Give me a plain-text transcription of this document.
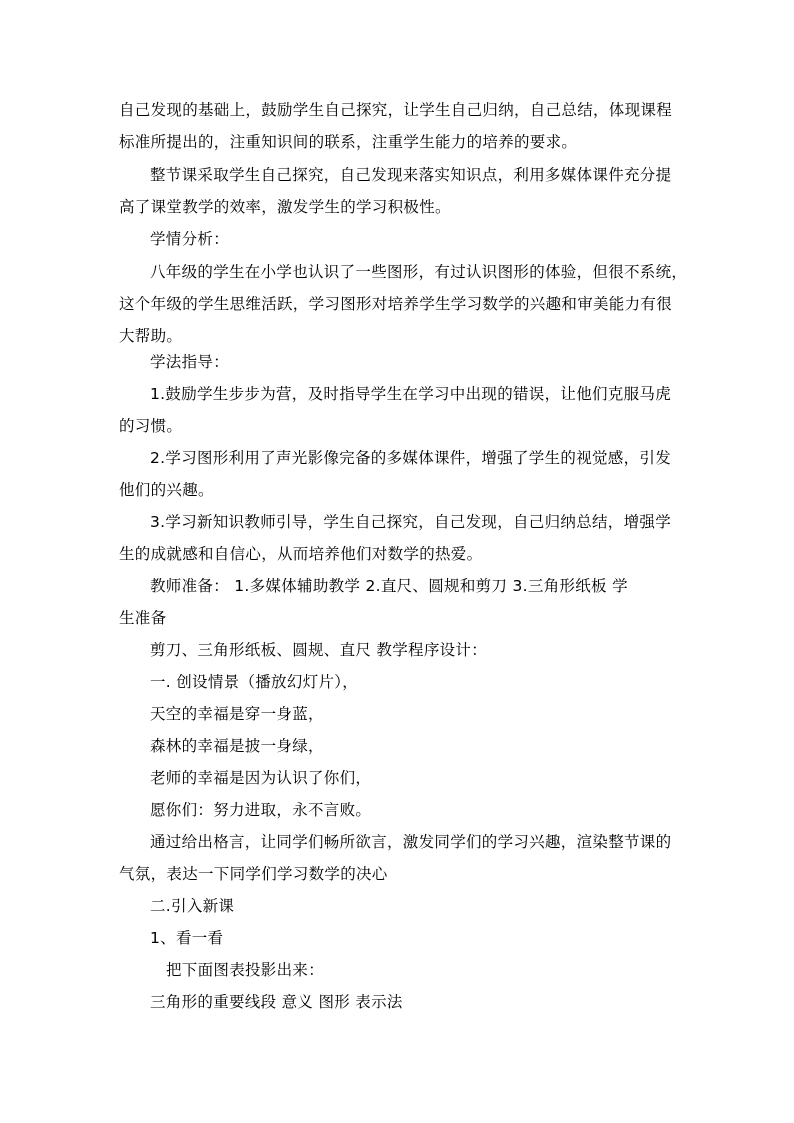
自己发现的基础上，鼓励学生自己探究，让学生自己归纳，自己总结，体现课程
标准所提出的，注重知识间的联系，注重学生能力的培养的要求。
整节课采取学生自己探究，自己发现来落实知识点，利用多媒体课件充分提
高了课堂教学的效率，激发学生的学习积极性。
学情分析：
八年级的学生在小学也认识了一些图形，有过认识图形的体验，但很不系统，
这个年级的学生思维活跃，学习图形对培养学生学习数学的兴趣和审美能力有很
大帮助。
学法指导：
1.鼓励学生步步为营，及时指导学生在学习中出现的错误，让他们克服马虎
的习惯。
2.学习图形利用了声光影像完备的多媒体课件，增强了学生的视觉感，引发
他们的兴趣。
3.学习新知识教师引导，学生自己探究，自己发现，自己归纳总结，增强学
生的成就感和自信心，从而培养他们对数学的热爱。
教师准备： 1.多媒体辅助教学 2.直尺、圆规和剪刀 3.三角形纸板 学
生准备
剪刀、三角形纸板、圆规、直尺 教学程序设计：
一. 创设情景（播放幻灯片），
天空的幸福是穿一身蓝，
森林的幸福是披一身绿，
老师的幸福是因为认识了你们，
愿你们：努力进取，永不言败。
通过给出格言，让同学们畅所欲言，激发同学们的学习兴趣，渲染整节课的
气氛，表达一下同学们学习数学的决心
二.引入新课
1、看一看
把下面图表投影出来：
三角形的重要线段 意义 图形 表示法
